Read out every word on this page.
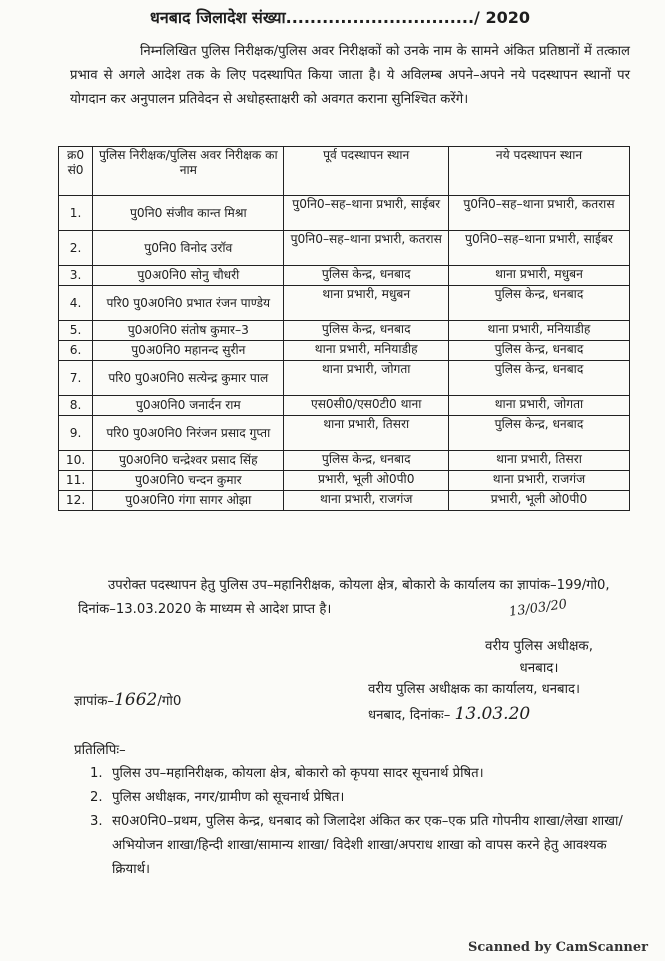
धनबाद जिलादेश संख्या.............................../ 2020
निम्नलिखित पुलिस निरीक्षक/पुलिस अवर निरीक्षकों को उनके नाम के सामने अंकित प्रतिष्ठानों में तत्काल प्रभाव से अगले आदेश तक के लिए पदस्थापित किया जाता है। ये अविलम्ब अपने–अपने नये पदस्थापन स्थानों पर योगदान कर अनुपालन प्रतिवेदन से अधोहस्ताक्षरी को अवगत कराना सुनिश्चित करेंगे।
क्र0 सं0	पुलिस निरीक्षक/पुलिस अवर निरीक्षक का नाम	पूर्व पदस्थापन स्थान	नये पदस्थापन स्थान
1.	पु0नि0 संजीव कान्त मिश्रा	पु0नि0–सह–थाना प्रभारी, साईबर	पु0नि0–सह–थाना प्रभारी, कतरास
2.	पु0नि0 विनोद उरॉव	पु0नि0–सह–थाना प्रभारी, कतरास	पु0नि0–सह–थाना प्रभारी, साईबर
3.	पु0अ0नि0 सोनु चौधरी	पुलिस केन्द्र, धनबाद	थाना प्रभारी, मधुबन
4.	परि0 पु0अ0नि0 प्रभात रंजन पाण्डेय	थाना प्रभारी, मधुबन	पुलिस केन्द्र, धनबाद
5.	पु0अ0नि0 संतोष कुमार–3	पुलिस केन्द्र, धनबाद	थाना प्रभारी, मनियाडीह
6.	पु0अ0नि0 महानन्द सुरीन	थाना प्रभारी, मनियाडीह	पुलिस केन्द्र, धनबाद
7.	परि0 पु0अ0नि0 सत्येन्द्र कुमार पाल	थाना प्रभारी, जोगता	पुलिस केन्द्र, धनबाद
8.	पु0अ0नि0 जनार्दन राम	एस0सी0/एस0टी0 थाना	थाना प्रभारी, जोगता
9.	परि0 पु0अ0नि0 निरंजन प्रसाद गुप्ता	थाना प्रभारी, तिसरा	पुलिस केन्द्र, धनबाद
10.	पु0अ0नि0 चन्द्रेश्वर प्रसाद सिंह	पुलिस केन्द्र, धनबाद	थाना प्रभारी, तिसरा
11.	पु0अ0नि0 चन्दन कुमार	प्रभारी, भूली ओ0पी0	थाना प्रभारी, राजगंज
12.	पु0अ0नि0 गंगा सागर ओझा	थाना प्रभारी, राजगंज	प्रभारी, भूली ओ0पी0
उपरोक्त पदस्थापन हेतु पुलिस उप–महानिरीक्षक, कोयला क्षेत्र, बोकारो के कार्यालय का ज्ञापांक–199/गो0, दिनांक–13.03.2020 के माध्यम से आदेश प्राप्त है।	13/03/20
वरीय पुलिस अधीक्षक,
धनबाद।
ज्ञापांक–1662/गो0
वरीय पुलिस अधीक्षक का कार्यालय, धनबाद।
धनबाद, दिनांकः– 13.03.20
प्रतिलिपिः–
1. पुलिस उप–महानिरीक्षक, कोयला क्षेत्र, बोकारो को कृपया सादर सूचनार्थ प्रेषित।
2. पुलिस अधीक्षक, नगर/ग्रामीण को सूचनार्थ प्रेषित।
3. स0अ0नि0–प्रथम, पुलिस केन्द्र, धनबाद को जिलादेश अंकित कर एक–एक प्रति गोपनीय शाखा/लेखा शाखा/अभियोजन शाखा/हिन्दी शाखा/सामान्य शाखा/ विदेशी शाखा/अपराध शाखा को वापस करने हेतु आवश्यक क्रियार्थ।
Scanned by CamScanner
